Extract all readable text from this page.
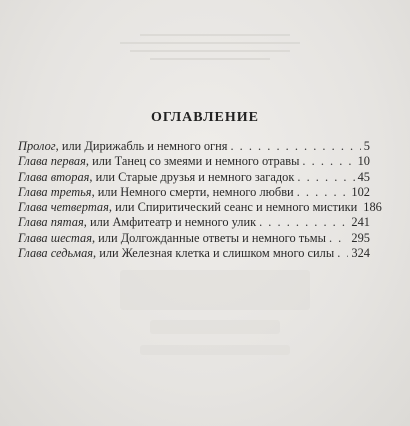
ОГЛАВЛЕНИЕ
Пролог , или Дирижабль и немного огня . . .	5
Глава первая , или Танец со змеями и немного отравы . . .	10
Глава вторая , или Старые друзья и немного загадок . . .	45
Глава третья , или Немного смерти, немного любви . . .	102
Глава четвертая , или Спиритический сеанс и немного мистики 186
Глава пятая , или Амфитеатр и немного улик . . .	241
Глава шестая , или Долгожданные ответы и немного тьмы . . . 295
Глава седьмая , или Железная клетка и слишком много силы . . . 324
